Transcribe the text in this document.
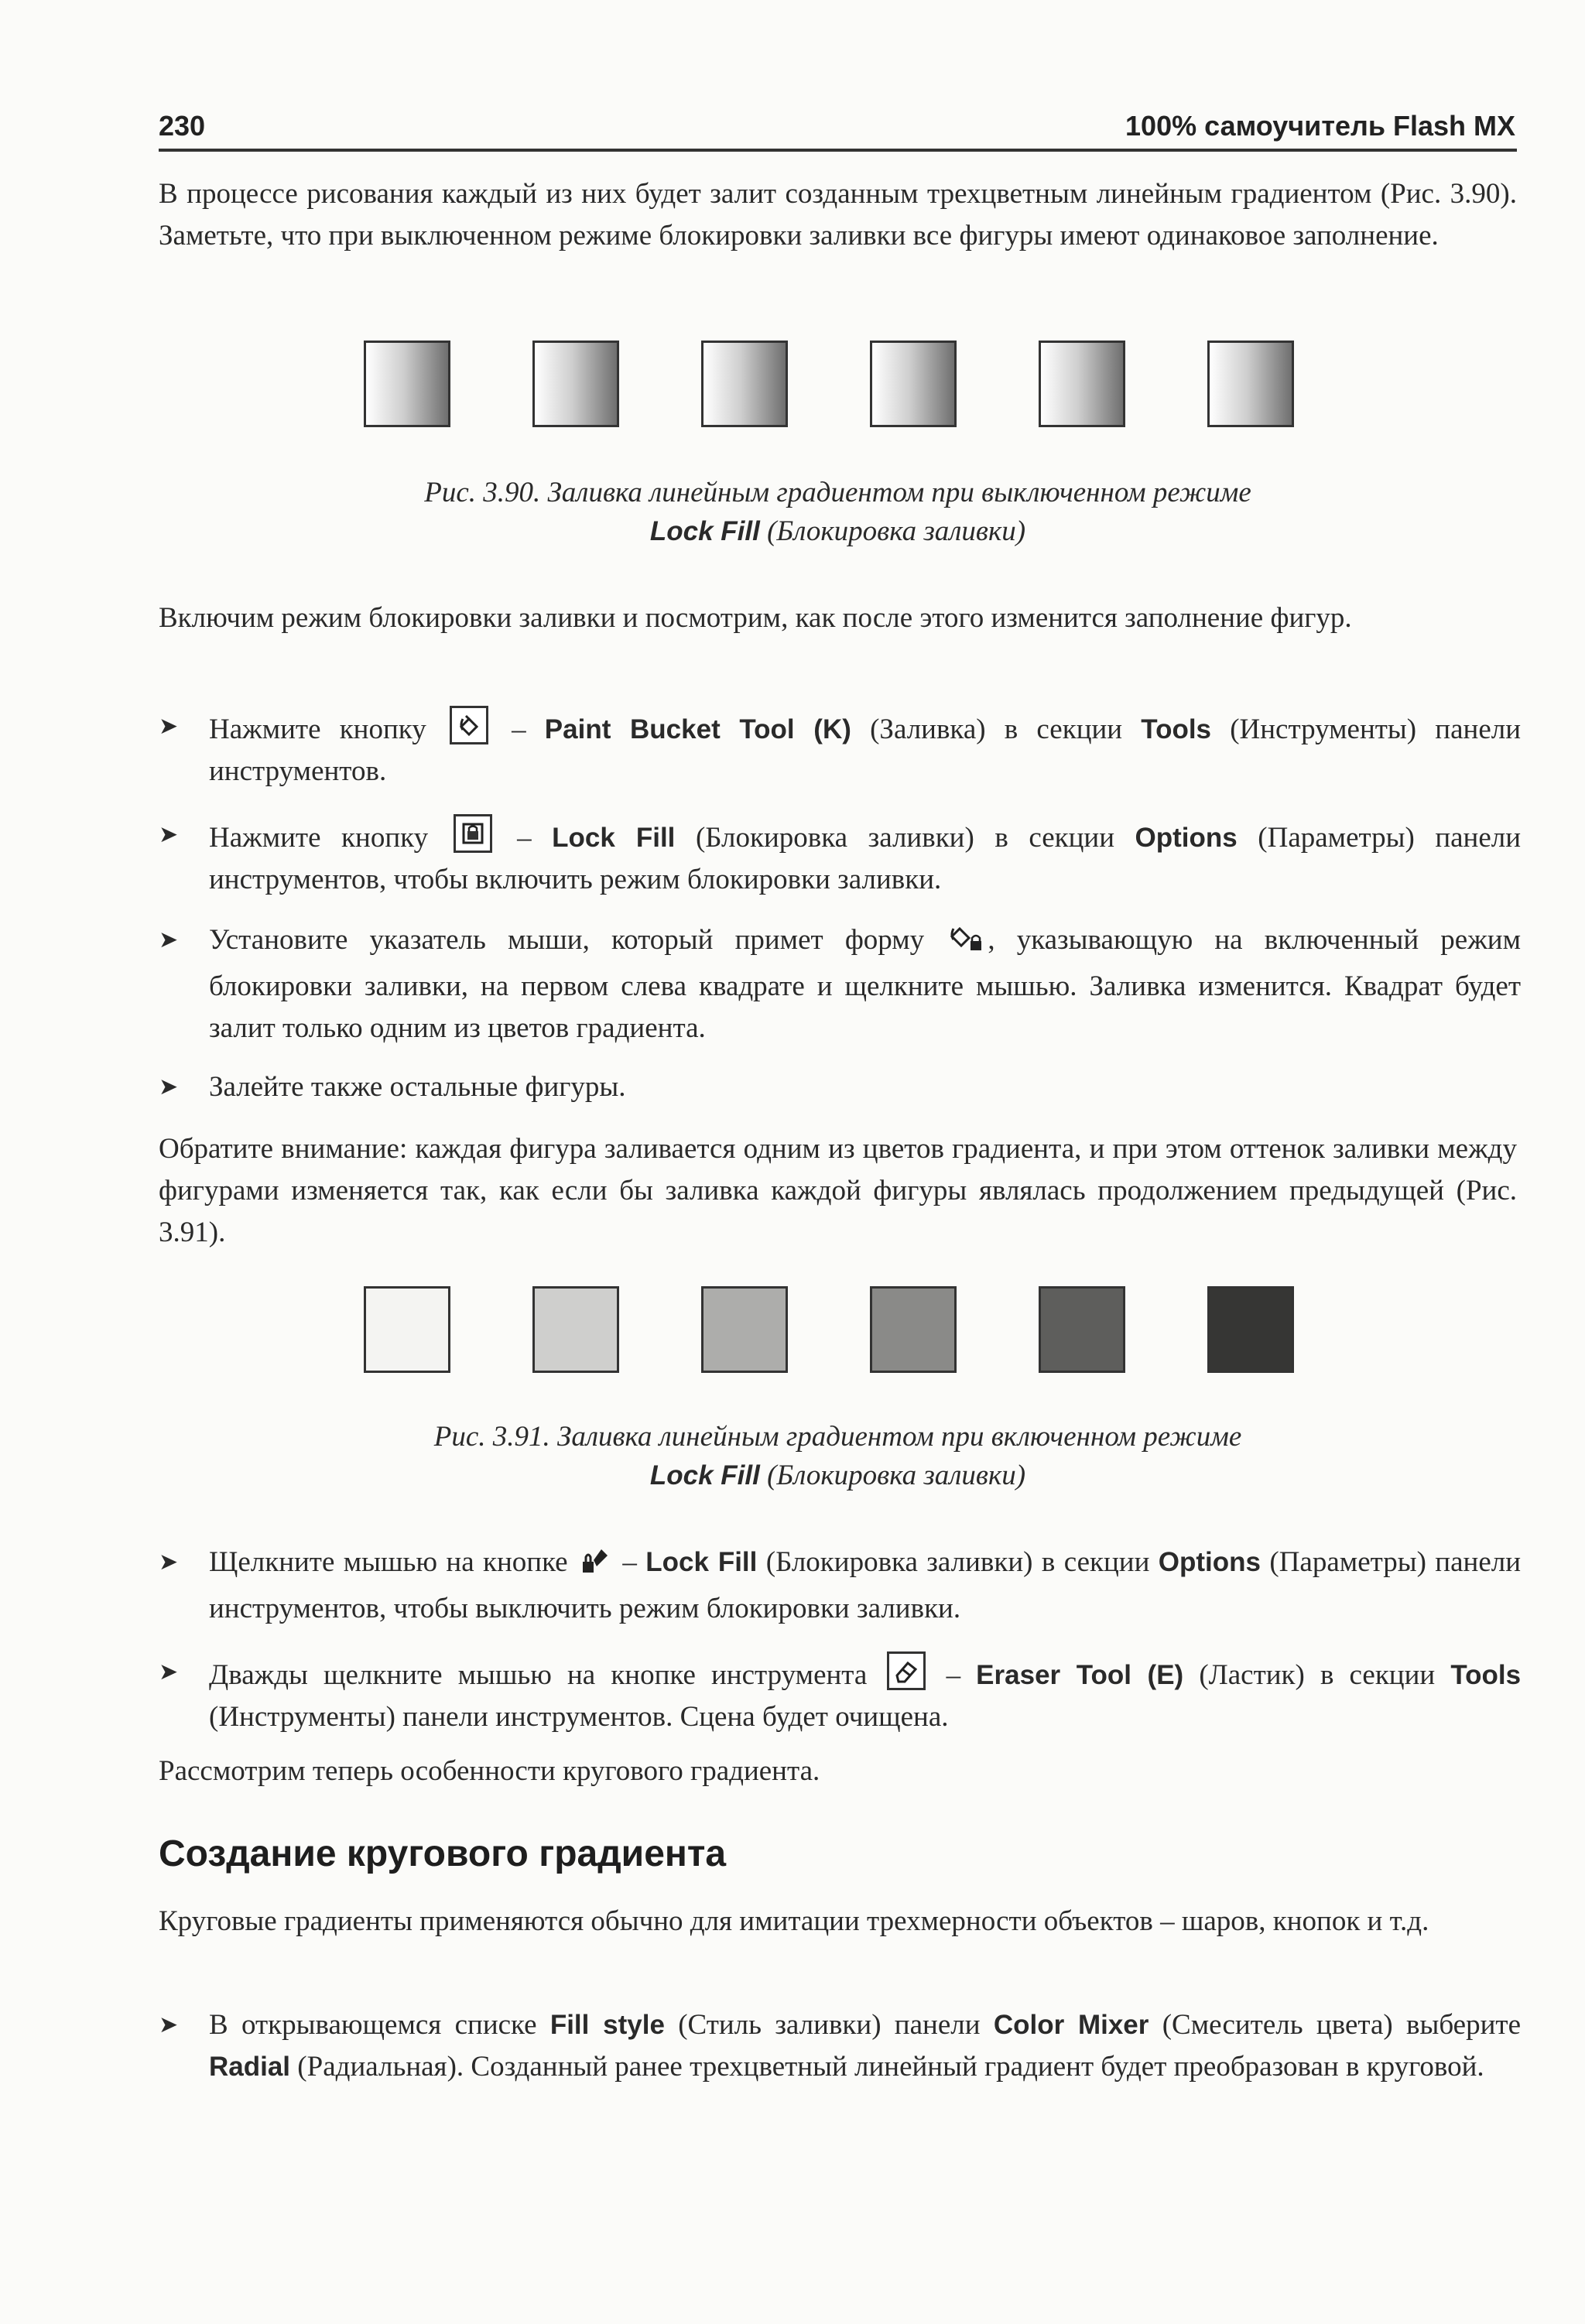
230	100% самоучитель Flash MX

В процессе рисования каждый из них будет залит созданным трехцветным линейным градиентом (Рис. 3.90). Заметьте, что при выключенном режиме блокировки заливки все фигуры имеют одинаковое заполнение.

Рис. 3.90. Заливка линейным градиентом при выключенном режиме
Lock Fill (Блокировка заливки)

Включим режим блокировки заливки и посмотрим, как после этого изменится заполнение фигур.

➤	Нажмите кнопку	– Paint Bucket Tool (K) (Заливка) в секции Tools (Инструменты) панели инструментов.
➤	Нажмите кнопку	– Lock Fill (Блокировка заливки) в секции Options (Параметры) панели инструментов, чтобы включить режим блокировки заливки.
➤	Установите указатель мыши, который примет форму , указывающую на включенный режим блокировки заливки, на первом слева квадрате и щелкните мышью. Заливка изменится. Квадрат будет залит только одним из цветов градиента.
➤	Залейте также остальные фигуры.

Обратите внимание: каждая фигура заливается одним из цветов градиента, и при этом оттенок заливки между фигурами изменяется так, как если бы заливка каждой фигуры являлась продолжением предыдущей (Рис. 3.91).

Рис. 3.91. Заливка линейным градиентом при включенном режиме
Lock Fill (Блокировка заливки)

➤	Щелкните мышью на кнопке – Lock Fill (Блокировка заливки) в секции Options (Параметры) панели инструментов, чтобы выключить режим блокировки заливки.
➤	Дважды щелкните мышью на кнопке инструмента	– Eraser Tool (E) (Ластик) в секции Tools (Инструменты) панели инструментов. Сцена будет очищена.

Рассмотрим теперь особенности кругового градиента.

Создание кругового градиента

Круговые градиенты применяются обычно для имитации трехмерности объектов – шаров, кнопок и т.д.

➤	В открывающемся списке Fill style (Стиль заливки) панели Color Mixer (Смеситель цвета) выберите Radial (Радиальная). Созданный ранее трехцветный линейный градиент будет преобразован в круговой.
